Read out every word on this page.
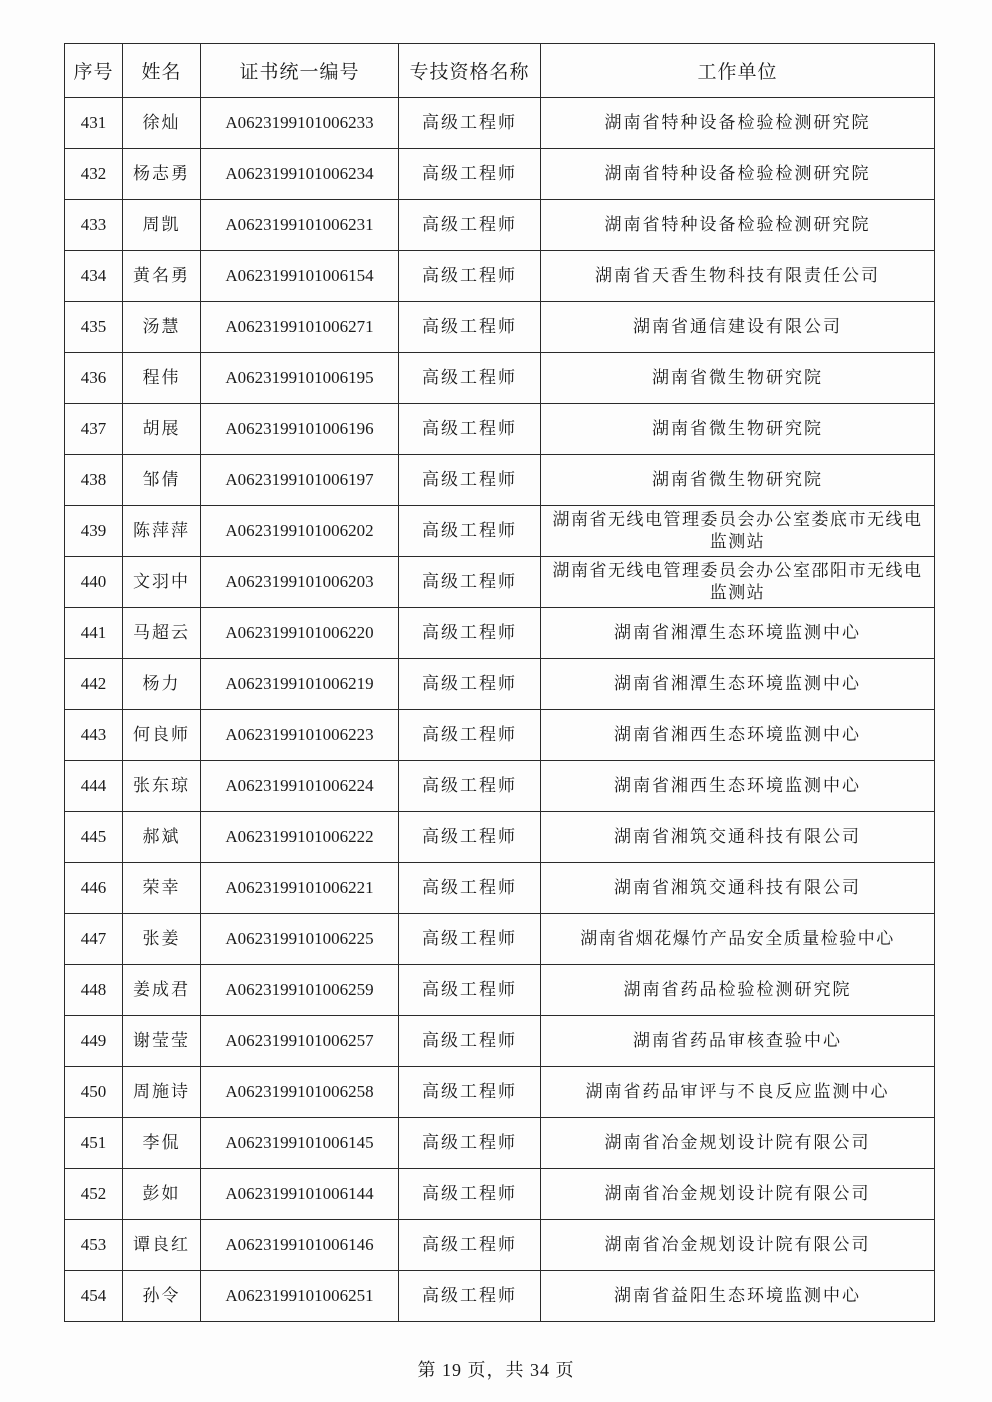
序号	姓名	证书统一编号	专技资格名称	工作单位
431	徐灿	A0623199101006233	高级工程师	湖南省特种设备检验检测研究院
432	杨志勇	A0623199101006234	高级工程师	湖南省特种设备检验检测研究院
433	周凯	A0623199101006231	高级工程师	湖南省特种设备检验检测研究院
434	黄名勇	A0623199101006154	高级工程师	湖南省天香生物科技有限责任公司
435	汤慧	A0623199101006271	高级工程师	湖南省通信建设有限公司
436	程伟	A0623199101006195	高级工程师	湖南省微生物研究院
437	胡展	A0623199101006196	高级工程师	湖南省微生物研究院
438	邹倩	A0623199101006197	高级工程师	湖南省微生物研究院
439	陈萍萍	A0623199101006202	高级工程师	湖南省无线电管理委员会办公室娄底市无线电监测站
440	文羽中	A0623199101006203	高级工程师	湖南省无线电管理委员会办公室邵阳市无线电监测站
441	马超云	A0623199101006220	高级工程师	湖南省湘潭生态环境监测中心
442	杨力	A0623199101006219	高级工程师	湖南省湘潭生态环境监测中心
443	何良师	A0623199101006223	高级工程师	湖南省湘西生态环境监测中心
444	张东琼	A0623199101006224	高级工程师	湖南省湘西生态环境监测中心
445	郝斌	A0623199101006222	高级工程师	湖南省湘筑交通科技有限公司
446	荣幸	A0623199101006221	高级工程师	湖南省湘筑交通科技有限公司
447	张姜	A0623199101006225	高级工程师	湖南省烟花爆竹产品安全质量检验中心
448	姜成君	A0623199101006259	高级工程师	湖南省药品检验检测研究院
449	谢莹莹	A0623199101006257	高级工程师	湖南省药品审核查验中心
450	周施诗	A0623199101006258	高级工程师	湖南省药品审评与不良反应监测中心
451	李侃	A0623199101006145	高级工程师	湖南省冶金规划设计院有限公司
452	彭如	A0623199101006144	高级工程师	湖南省冶金规划设计院有限公司
453	谭良红	A0623199101006146	高级工程师	湖南省冶金规划设计院有限公司
454	孙令	A0623199101006251	高级工程师	湖南省益阳生态环境监测中心
第 19 页，共 34 页
